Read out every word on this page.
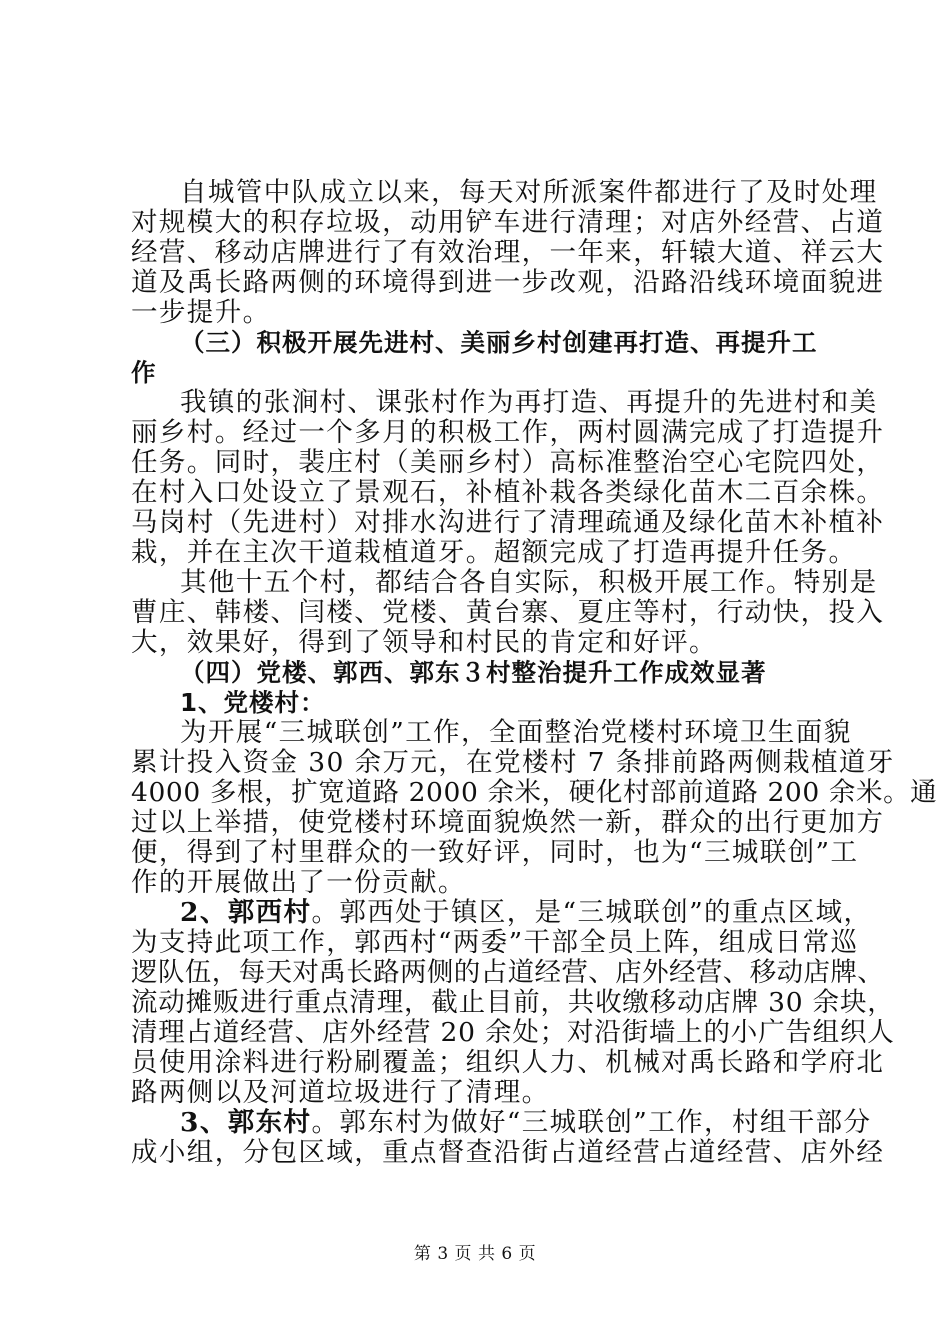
自城管中队成立以来，每天对所派案件都进行了及时处理
对规模大的积存垃圾，动用铲车进行清理；对店外经营、占道
经营、移动店牌进行了有效治理，一年来，轩辕大道、祥云大
道及禹长路两侧的环境得到进一步改观，沿路沿线环境面貌进
一步提升。
（三）积极开展先进村、美丽乡村创建再打造、再提升工
作
我镇的张涧村、课张村作为再打造、再提升的先进村和美
丽乡村。经过一个多月的积极工作，两村圆满完成了打造提升
任务。同时，裴庄村（美丽乡村）高标准整治空心宅院四处，
在村入口处设立了景观石，补植补栽各类绿化苗木二百余株。
马岗村（先进村）对排水沟进行了清理疏通及绿化苗木补植补
栽，并在主次干道栽植道牙。超额完成了打造再提升任务。
其他十五个村，都结合各自实际，积极开展工作。特别是
曹庄、韩楼、闫楼、党楼、黄台寨、夏庄等村，行动快，投入
大，效果好，得到了领导和村民的肯定和好评。
（四）党楼、郭西、郭东３村整治提升工作成效显著
1、党楼村：
为开展“三城联创”工作，全面整治党楼村环境卫生面貌
累计投入资金 30 余万元，在党楼村 7 条排前路两侧栽植道牙
4000 多根，扩宽道路 2000 余米，硬化村部前道路 200 余米。通
过以上举措，使党楼村环境面貌焕然一新，群众的出行更加方
便，得到了村里群众的一致好评，同时，也为“三城联创”工
作的开展做出了一份贡献。
2、郭西村。郭西处于镇区，是“三城联创”的重点区域，
为支持此项工作，郭西村“两委”干部全员上阵，组成日常巡
逻队伍，每天对禹长路两侧的占道经营、店外经营、移动店牌、
流动摊贩进行重点清理，截止目前，共收缴移动店牌 30 余块，
清理占道经营、店外经营 20 余处；对沿街墙上的小广告组织人
员使用涂料进行粉刷覆盖；组织人力、机械对禹长路和学府北
路两侧以及河道垃圾进行了清理。
3、郭东村。郭东村为做好“三城联创”工作，村组干部分
成小组，分包区域，重点督查沿街占道经营占道经营、店外经
第 3 页 共 6 页
